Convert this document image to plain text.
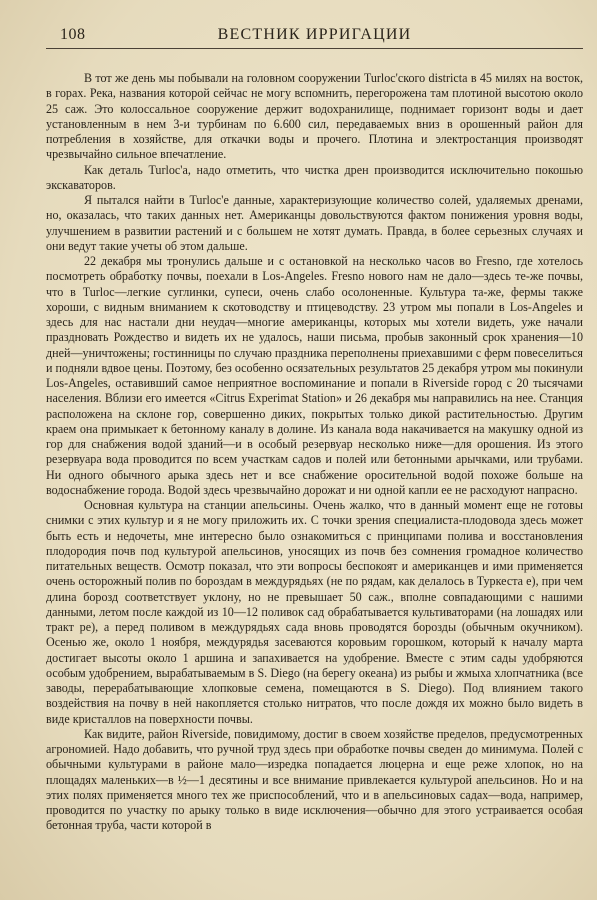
108	ВЕСТНИК ИРРИГАЦИИ

В тот же день мы побывали на головном сооружении Turloc'ского districta в 45 милях на восток, в горах. Река, названия которой сейчас не могу вспомнить, перегорожена там плотиной высотою около 25 саж. Это колоссальное сооружение держит водохранилище, поднимает горизонт воды и дает установленным в нем 3-и турбинам по 6.600 сил, передаваемых вниз в орошенный район для потребления в хозяйстве, для откачки воды и прочего. Плотина и электростанция производят чрезвычайно сильное впечатление.

Как деталь Turloc'а, надо отметить, что чистка дрен производится исключительно покошью экскаваторов.

Я пытался найти в Turloc'e данные, характеризующие количество солей, удаляемых дренами, но, оказалась, что таких данных нет. Американцы довольствуются фактом понижения уровня воды, улучшением в развитии растений и с большем не хотят думать. Правда, в более серьезных случаях и они ведут такие учеты об этом дальше.

22 декабря мы тронулись дальше и с остановкой на несколько часов во Fresno, где хотелось посмотреть обработку почвы, поехали в Los-Angeles. Fresno нового нам не дало—здесь те-же почвы, что в Turloc—легкие суглинки, супеси, очень слабо осолоненные. Культура та-же, фермы также хороши, с видным вниманием к скотоводству и птицеводству. 23 утром мы попали в Los-Angeles и здесь для нас настали дни неудач—многие американцы, которых мы хотели видеть, уже начали праздновать Рождество и видеть их не удалось, наши письма, пробыв законный срок хранения—10 дней—уничтожены; гостинницы по случаю праздника переполнены приехавшими с ферм повеселиться и подняли вдвое цены. Поэтому, без особенно осязательных результатов 25 декабря утром мы покинули Los-Angeles, оставивший самое неприятное воспоминание и попали в Riverside город с 20 тысячами населения. Вблизи его имеется «Citrus Experimat Station» и 26 декабря мы направились на нее. Станция расположена на склоне гор, совершенно диких, покрытых только дикой растительностью. Другим краем она примыкает к бетонному каналу в долине. Из канала вода накачивается на макушку одной из гор для снабжения водой зданий—и в особый резервуар несколько ниже—для орошения. Из этого резервуара вода проводится по всем участкам садов и полей или бетонными арычками, или трубами. Ни одного обычного арыка здесь нет и все снабжение оросительной водой похоже больше на водоснабжение города. Водой здесь чрезвычайно дорожат и ни одной капли ее не расходуют напрасно.

Основная культура на станции апельсины. Очень жалко, что в данный момент еще не готовы снимки с этих культур и я не могу приложить их. С точки зрения специалиста-плодовода здесь может быть есть и недочеты, мне интересно было ознакомиться с принципами полива и восстановления плодородия почв под культурой апельсинов, уносящих из почв без сомнения громадное количество питательных веществ. Осмотр показал, что эти вопросы беспокоят и американцев и ими применяется очень осторожный полив по бороздам в междурядьях (не по рядам, как делалось в Туркеста е), при чем длина борозд соответствует уклону, но не превышает 50 саж., вполне совпадающими с нашими данными, летом после каждой из 10—12 поливок сад обрабатывается культиваторами (на лошадях или тракт ре), а перед поливом в междурядьях сада вновь проводятся борозды (обычным окучником). Осенью же, около 1 ноября, междурядья засеваются коровьим горошком, который к началу марта достигает высоты около 1 аршина и запахивается на удобрение. Вместе с этим сады удобряются особым удобрением, вырабатываемым в S. Diego (на берегу океана) из рыбы и жмыха хлопчатника (все заводы, перерабатывающие хлопковые семена, помещаются в S. Diego). Под влиянием такого воздействия на почву в ней накопляется столько нитратов, что после дождя их можно было видеть в виде кристаллов на поверхности почвы.

Как видите, район Riverside, повидимому, достиг в своем хозяйстве пределов, предусмотренных агрономией. Надо добавить, что ручной труд здесь при обработке почвы сведен до минимума. Полей с обычными культурами в районе мало—изредка попадается люцерна и еще реже хлопок, но на площадях маленьких—в ½—1 десятины и все внимание привлекается культурой апельсинов. Но и на этих полях применяется много тех же приспособлений, что и в апельсиновых садах—вода, например, проводится по участку по арыку только в виде исключения—обычно для этого устраивается особая бетонная труба, части которой в
